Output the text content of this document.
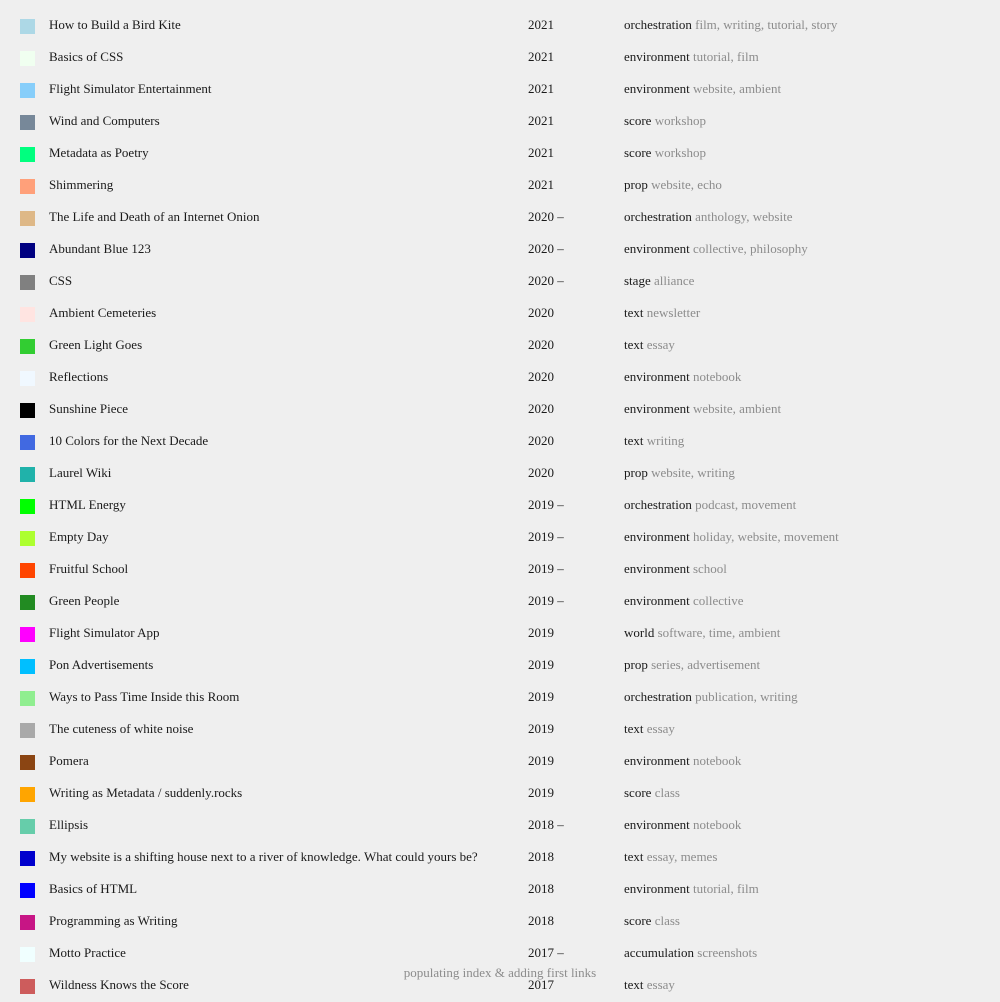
How to Build a Bird Kite	2021	orchestration film, writing, tutorial, story
Basics of CSS	2021	environment tutorial, film
Flight Simulator Entertainment	2021	environment website, ambient
Wind and Computers	2021	score workshop
Metadata as Poetry	2021	score workshop
Shimmering	2021	prop website, echo
The Life and Death of an Internet Onion	2020 –	orchestration anthology, website
Abundant Blue 123	2020 –	environment collective, philosophy
CSS	2020 –	stage alliance
Ambient Cemeteries	2020	text newsletter
Green Light Goes	2020	text essay
Reflections	2020	environment notebook
Sunshine Piece	2020	environment website, ambient
10 Colors for the Next Decade	2020	text writing
Laurel Wiki	2020	prop website, writing
HTML Energy	2019 –	orchestration podcast, movement
Empty Day	2019 –	environment holiday, website, movement
Fruitful School	2019 –	environment school
Green People	2019 –	environment collective
Flight Simulator App	2019	world software, time, ambient
Pon Advertisements	2019	prop series, advertisement
Ways to Pass Time Inside this Room	2019	orchestration publication, writing
The cuteness of white noise	2019	text essay
Pomera	2019	environment notebook
Writing as Metadata / suddenly.rocks	2019	score class
Ellipsis	2018 –	environment notebook
My website is a shifting house next to a river of knowledge. What could yours be?	2018	text essay, memes
Basics of HTML	2018	environment tutorial, film
Programming as Writing	2018	score class
Motto Practice	2017 –	accumulation screenshots
Wildness Knows the Score	2017	text essay
populating index & adding first links
